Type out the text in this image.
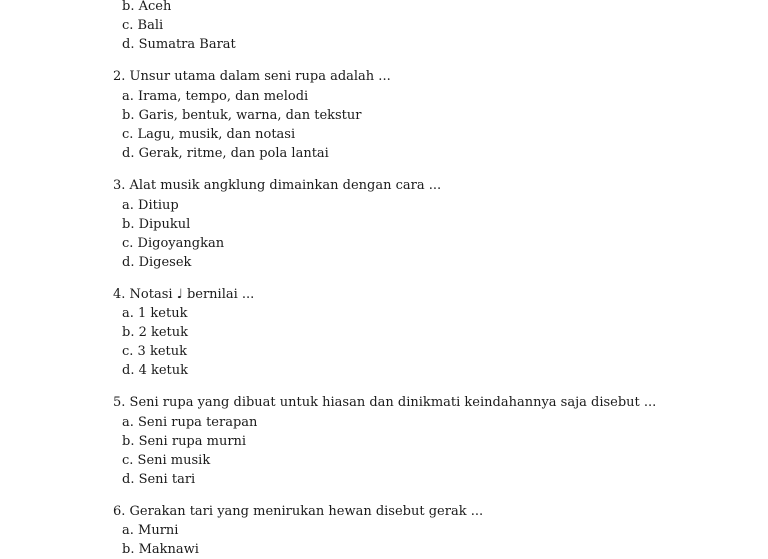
b. Aceh
c. Bali
d. Sumatra Barat
2. Unsur utama dalam seni rupa adalah ...
a. Irama, tempo, dan melodi
b. Garis, bentuk, warna, dan tekstur
c. Lagu, musik, dan notasi
d. Gerak, ritme, dan pola lantai
3. Alat musik angklung dimainkan dengan cara ...
a. Ditiup
b. Dipukul
c. Digoyangkan
d. Digesek
4. Notasi ♩ bernilai ...
a. 1 ketuk
b. 2 ketuk
c. 3 ketuk
d. 4 ketuk
5. Seni rupa yang dibuat untuk hiasan dan dinikmati keindahannya saja disebut ...
a. Seni rupa terapan
b. Seni rupa murni
c. Seni musik
d. Seni tari
6. Gerakan tari yang menirukan hewan disebut gerak ...
a. Murni
b. Maknawi
